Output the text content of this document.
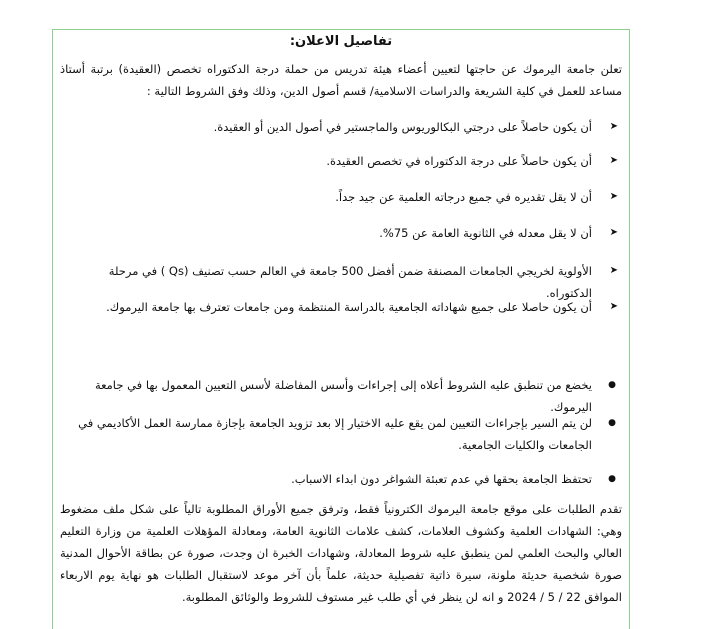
تفاصيل الاعلان:
تعلن جامعة اليرموك عن حاجتها لتعيين أعضاء هيئة تدريس من حملة درجة الدكتوراه تخصص (العقيدة) برتبة أستاذ مساعد للعمل في كلية الشريعة والدراسات الاسلامية/ قسم أصول الدين، وذلك وفق الشروط التالية :
➤ أن يكون حاصلاً على درجتي البكالوريوس والماجستير في أصول الدين أو العقيدة.
➤ أن يكون حاصلاً على درجة الدكتوراه في تخصص العقيدة.
➤ أن لا يقل تقديره في جميع درجاته العلمية عن جيد جداً.
➤ أن لا يقل معدله في الثانوية العامة عن 75%.
➤ الأولوية لخريجي الجامعات المصنفة ضمن أفضل 500 جامعة في العالم حسب تصنيف (Qs ) في مرحلة الدكتوراه.
➤ أن يكون حاصلا على جميع شهاداته الجامعية بالدراسة المنتظمة ومن جامعات تعترف بها جامعة اليرموك.
● يخضع من تنطبق عليه الشروط أعلاه إلى إجراءات وأسس المفاضلة لأسس التعيين المعمول بها في جامعة اليرموك.
● لن يتم السير بإجراءات التعيين لمن يقع عليه الاختيار إلا بعد تزويد الجامعة بإجازة ممارسة العمل الأكاديمي في الجامعات والكليات الجامعية.
● تحتفظ الجامعة بحقها في عدم تعبئة الشواغر دون ابداء الاسباب.
تقدم الطلبات على موقع جامعة اليرموك الكترونياً فقط، وترفق جميع الأوراق المطلوبة تالياً على شكل ملف مضغوط وهي: الشهادات العلمية وكشوف العلامات، كشف علامات الثانوية العامة، ومعادلة المؤهلات العلمية من وزارة التعليم العالي والبحث العلمي لمن ينطبق عليه شروط المعادلة، وشهادات الخبرة ان وجدت، صورة عن بطاقة الأحوال المدنية صورة شخصية حديثة ملونة، سيرة ذاتية تفصيلية حديثة، علماً بأن آخر موعد لاستقبال الطلبات هو نهاية يوم الاربعاء الموافق 22 / 5 / 2024 و انه لن ينظر في أي طلب غير مستوف للشروط والوثائق المطلوبة.
